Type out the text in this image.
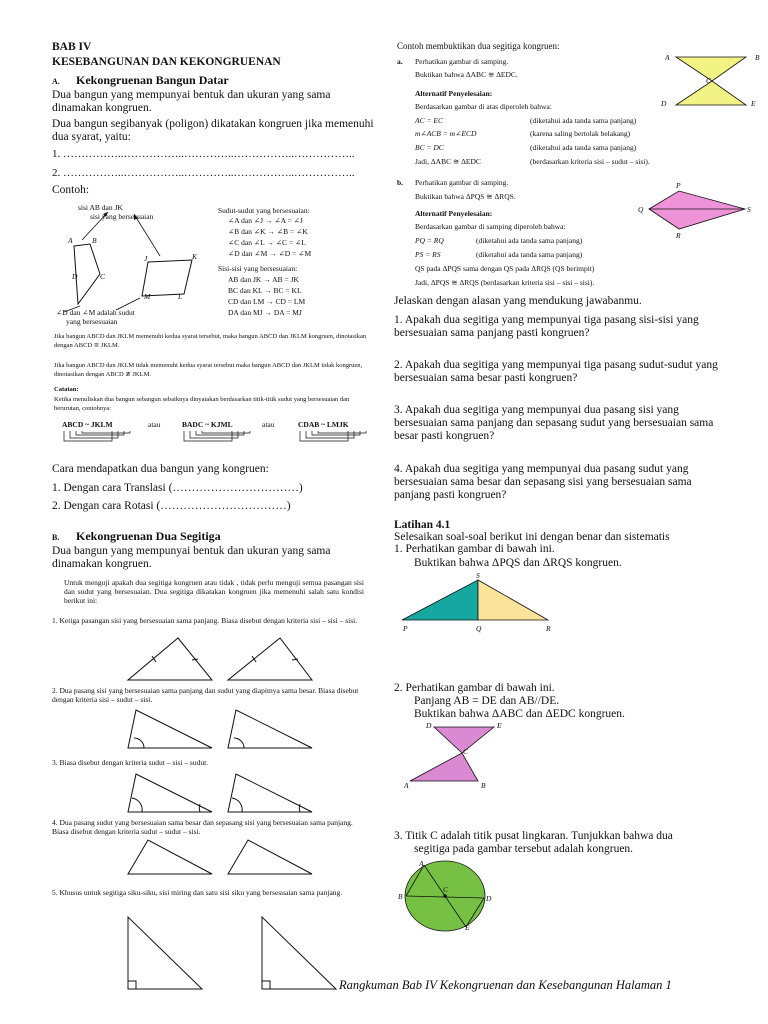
BAB IV
KESEBANGUNAN DAN KEKONGRUENAN
A. Kekongruenan Bangun Datar
Dua bangun yang mempunyai bentuk dan ukuran yang sama dinamakan kongruen.
Dua bangun segibanyak (poligon) dikatakan kongruen jika memenuhi dua syarat, yaitu:
1. ……………..……………..…………..……………..……………..
2. ……………..……………..…………..……………..……………..
Contoh:
sisi AB dan JK
sisi yang bersesuaian
A	B
C
D
J	K
L
M
∠D dan ∠M adalah sudut
yang bersesuaian
Sudut-sudut yang bersesuaian:
∠A dan ∠J → ∠A = ∠J
∠B dan ∠K → ∠B = ∠K
∠C dan ∠L → ∠C = ∠L
∠D dan ∠M → ∠D = ∠M
Sisi-sisi yang bersesuaian:
AB dan JK → AB = JK
BC dan KL → BC = KL
CD dan LM → CD = LM
DA dan MJ → DA = MJ
Jika bangun ABCD dan JKLM memenuhi kedua syarat tersebut, maka bangun ABCD dan JKLM kongruen, dinotasikan dengan ABCD ≅ JKLM.
Jika bangun ABCD dan JKLM tidak memenuhi kedua syarat tersebut maka bangun ABCD dan JKLM tidak kongruen, dinotasikan dengan ABCD ≇ JKLM.
Catatan:
Ketika menuliskan dua bangun sebangun sebaiknya dinyatakan berdasarkan titik-titik sudut yang bersesuaian dan berurutan, contohnya:
ABCD ~ JKLM	atau	BADC ~ KJML	atau	CDAB ~ LMJK
Cara mendapatkan dua bangun yang kongruen:
1. Dengan cara Translasi (……………………………)
2. Dengan cara Rotasi (……………………………)
B. Kekongruenan Dua Segitiga
Dua bangun yang mempunyai bentuk dan ukuran yang sama dinamakan kongruen.
Untuk menguji apakah dua segitiga kongruen atau tidak , tidak perlu menguji semua pasangan sisi dan sudut yang bersesuaian. Dua segitiga dikatakan kongruen jika memenuhi salah satu kondisi berikut ini:
1. Ketiga pasangan sisi yang bersesuaian sama panjang. Biasa disebut dengan kriteria sisi – sisi – sisi.
2. Dua pasang sisi yang bersesuaian sama panjang dan sudut yang diapitnya sama besar. Biasa disebut dengan kriteria sisi – sudut – sisi.
3. Biasa disebut dengan kriteria sudut – sisi – sudut.
4. Dua pasang sudut yang bersesuaian sama besar dan sepasang sisi yang bersesuaian sama panjang. Biasa disebut dengan kriteria sudut – sudut – sisi.
5. Khusus untuk segitiga siku-siku, sisi miring dan satu sisi siku yang bersesuaian sama panjang.
Contoh membuktikan dua segitiga kongruen:
a. Perhatikan gambar di samping.
Buktikan bahwa ΔABC ≅ ΔEDC.
Alternatif Penyelesaian:
Berdasarkan gambar di atas diperoleh bahwa:
AC = EC	(diketahui ada tanda sama panjang)
m∠ACB = m∠ECD	(karena saling bertolak belakang)
BC = DC	(diketahui ada tanda sama panjang)
Jadi, ΔABC ≅ ΔEDC	(berdasarkan kriteria sisi – sudut – sisi).
A	B
C
D	E
b. Perhatikan gambar di samping.
Buktikan bahwa ΔPQS ≅ ΔRQS.
Alternatif Penyelesaian:
Berdasarkan gambar di samping diperoleh bahwa:
PQ = RQ	(diketahui ada tanda sama panjang)
PS = RS	(diketahui ada tanda sama panjang)
QS pada ΔPQS sama dengan QS pada ΔRQS (QS berimpit)
Jadi, ΔPQS ≅ ΔRQS (berdasarkan kriteria sisi – sisi – sisi).
P
Q
R
S
Jelaskan dengan alasan yang mendukung jawabanmu.
1. Apakah dua segitiga yang mempunyai tiga pasang sisi-sisi yang bersesuaian sama panjang pasti kongruen?
2. Apakah dua segitiga yang mempunyai tiga pasang sudut-sudut yang bersesuaian sama besar pasti kongruen?
3. Apakah dua segitiga yang mempunyai dua pasang sisi yang bersesuaian sama panjang dan sepasang sudut yang bersesuaian sama besar pasti kongruen?
4. Apakah dua segitiga yang mempunyai dua pasang sudut yang bersesuaian sama besar dan sepasang sisi yang bersesuaian sama panjang pasti kongruen?
Latihan 4.1
Selesaikan soal-soal berikut ini dengan benar dan sistematis
1. Perhatikan gambar di bawah ini.
Buktikan bahwa ΔPQS dan ΔRQS kongruen.
S
P	Q	R
2. Perhatikan gambar di bawah ini.
Panjang AB = DE dan AB//DE.
Buktikan bahwa ΔABC dan ΔEDC kongruen.
D	E
C
A	B
3. Titik C adalah titik pusat lingkaran. Tunjukkan bahwa dua
segitiga pada gambar tersebut adalah kongruen.
A
B
C
D
E
Rangkuman Bab IV Kekongruenan dan Kesebangunan Halaman 1
